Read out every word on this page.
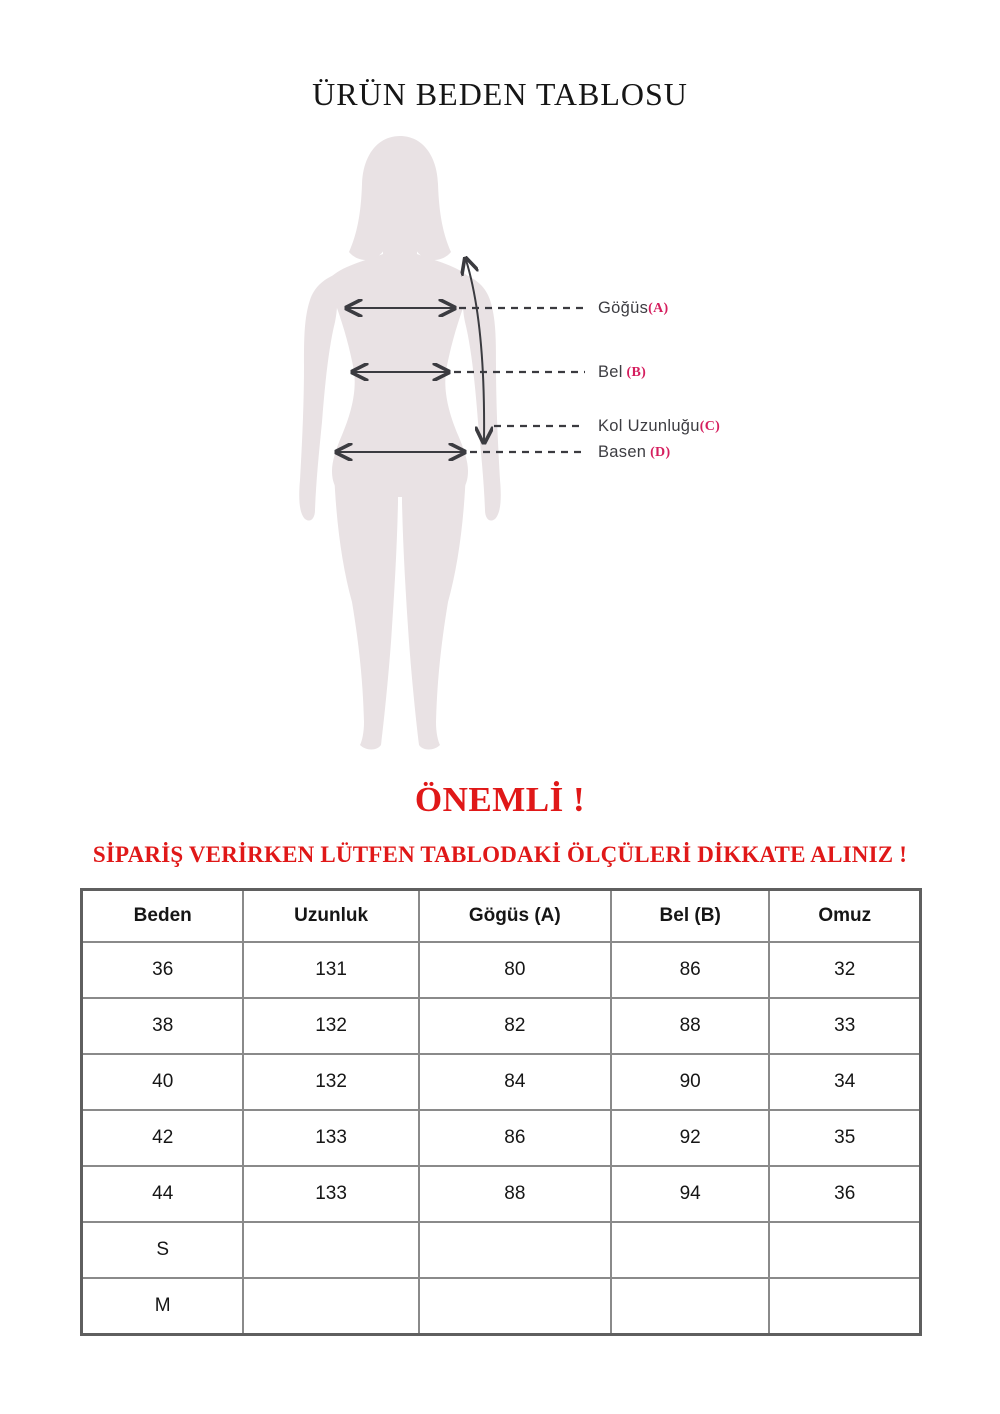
ÜRÜN BEDEN TABLOSU
Göğüs(A)
Bel (B)
Kol Uzunluğu(C)
Basen (D)
ÖNEMLİ !
SİPARİŞ VERİRKEN LÜTFEN TABLODAKİ ÖLÇÜLERİ DİKKATE ALINIZ !
Beden	Uzunluk	Gögüs (A)	Bel (B)	Omuz
36	131	80	86	32
38	132	82	88	33
40	132	84	90	34
42	133	86	92	35
44	133	88	94	36
S				
M				
